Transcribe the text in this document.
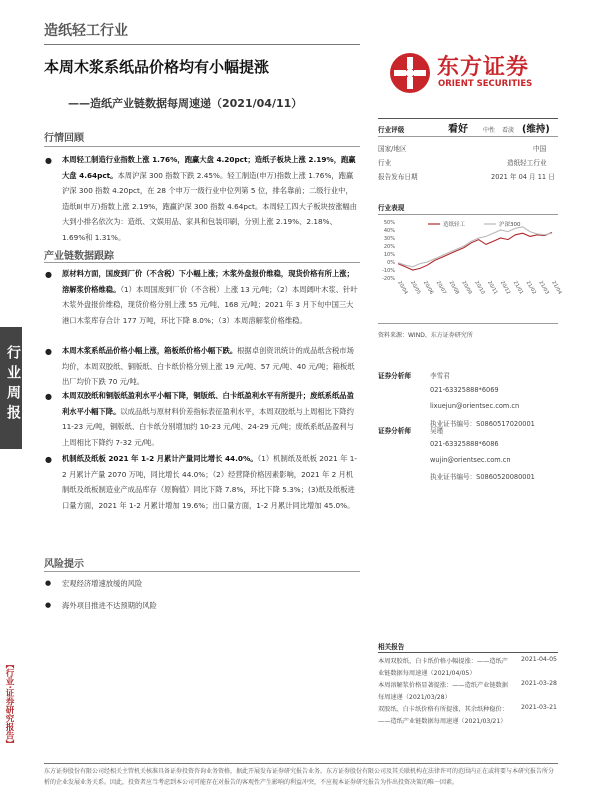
造纸轻工行业
本周木浆系纸品价格均有小幅提涨
——造纸产业链数据每周速递（2021/04/11）
东方证券
ORIENT SECURITIES
行业周报
【行业·证券研究报告】
行情回顾
● 本周轻工制造行业指数上涨 1.76%，跑赢大盘 4.20pct；造纸子板块上涨 2.19%，跑赢大盘 4.64pct。本周沪深 300 指数下跌 2.45%。轻工制造(申万)指数上涨 1.76%，跑赢沪深 300 指数 4.20pct，在 28 个申万一级行业中位列第 5 位，排名靠前；二级行业中，造纸Ⅱ(申万)指数上涨 2.19%，跑赢沪深 300 指数 4.64pct。本周轻工四大子板块按涨幅由大到小排名依次为：造纸、文娱用品、家具和包装印刷，分别上涨 2.19%、2.18%、1.69%和 1.31%。
产业链数据跟踪
● 原材料方面，国废到厂价（不含税）下小幅上涨；木浆外盘报价维稳，现货价格有所上涨；溶解浆价格维稳。（1）本周国废到厂价（不含税）上涨 13 元/吨；（2）本周阔叶木浆、针叶木浆外盘报价维稳，现货价格分别上涨 55 元/吨、168 元/吨；2021 年 3 月下旬中国三大港口木浆库存合计 177 万吨，环比下降 8.0%；（3）本周溶解浆价格维稳。
● 本周木浆系纸品价格小幅上涨，箱板纸价格小幅下跌。根据卓创资讯统计的成品纸含税市场均价，本周双胶纸、铜版纸、白卡纸价格分别上涨 19 元/吨、57 元/吨、40 元/吨；箱板纸出厂均价下跌 70 元/吨。
● 本周双胶纸和铜版纸盈利水平小幅下降，铜版纸、白卡纸盈利水平有所提升；废纸系纸品盈利水平小幅下降。以成品纸与原材料价差指标表征盈利水平，本周双胶纸与上周相比下降约 11-23 元/吨，铜版纸、白卡纸分别增加约 10-23 元/吨、24-29 元/吨；废纸系纸品盈利与上周相比下降约 7-32 元/吨。
● 机制纸及纸板 2021 年 1-2 月累计产量同比增长 44.0%。（1）机制纸及纸板 2021 年 1-2 月累计产量 2070 万吨，同比增长 44.0%；（2）经营降价格因素影响，2021 年 2 月机制纸及纸板制造业产成品库存（原胸值）同比下降 7.8%，环比下降 5.3%；(3)纸及纸板进口量方面，2021 年 1-2 月累计增加 19.6%；出口量方面，1-2 月累计同比增加 45.0%。
风险提示
● 宏观经济增速放缓的风险
● 海外项目推进不达预期的风险
行业评级	看好	中性 看淡 (维持)
国家/地区	中国
行业	造纸轻工行业
报告发布日期	2021 年 04 月 11 日
行业表现
50%
40%
30%
20%
10%
0%
-10%
-20%
20/04 20/05 20/06 20/07 20/08 20/09 20/10 20/11 20/12 21/01 21/02 21/03 21/04
造纸轻工	沪深300
资料来源：WIND、东方证券研究所
证券分析师	李雪君
021-63325888*6069
lixuejun@orientsec.com.cn
执业证书编号：S0860517020001
证券分析师	吴瑾
021-63325888*6086
wujin@orientsec.com.cn
执业证书编号：S0860520080001
相关报告
本周双胶纸、白卡纸价格小幅提涨：——造纸产业链数据每周速递（2021/04/05）
2021-04-05
本周溶解浆价格显著提涨：——造纸产业链数据每周速递（2021/03/28）
2021-03-28
双胶纸、白卡纸价格有所提涨，其余纸种稳价：——造纸产业链数据每周速递（2021/03/21）
2021-03-21
东方证券股份有限公司经相关主管机关核准具备证券投资咨询业务资格，据此开展发布证券研究报告业务。东方证券股份有限公司及其关联机构在法律许可的范围内正在或将要与本研究报告所分析的企业发展业务关系。因此，投资者应当考虑到本公司可能存在对报告的客观性产生影响的利益冲突，不应视本证券研究报告为作出投资决策的唯一因素。
